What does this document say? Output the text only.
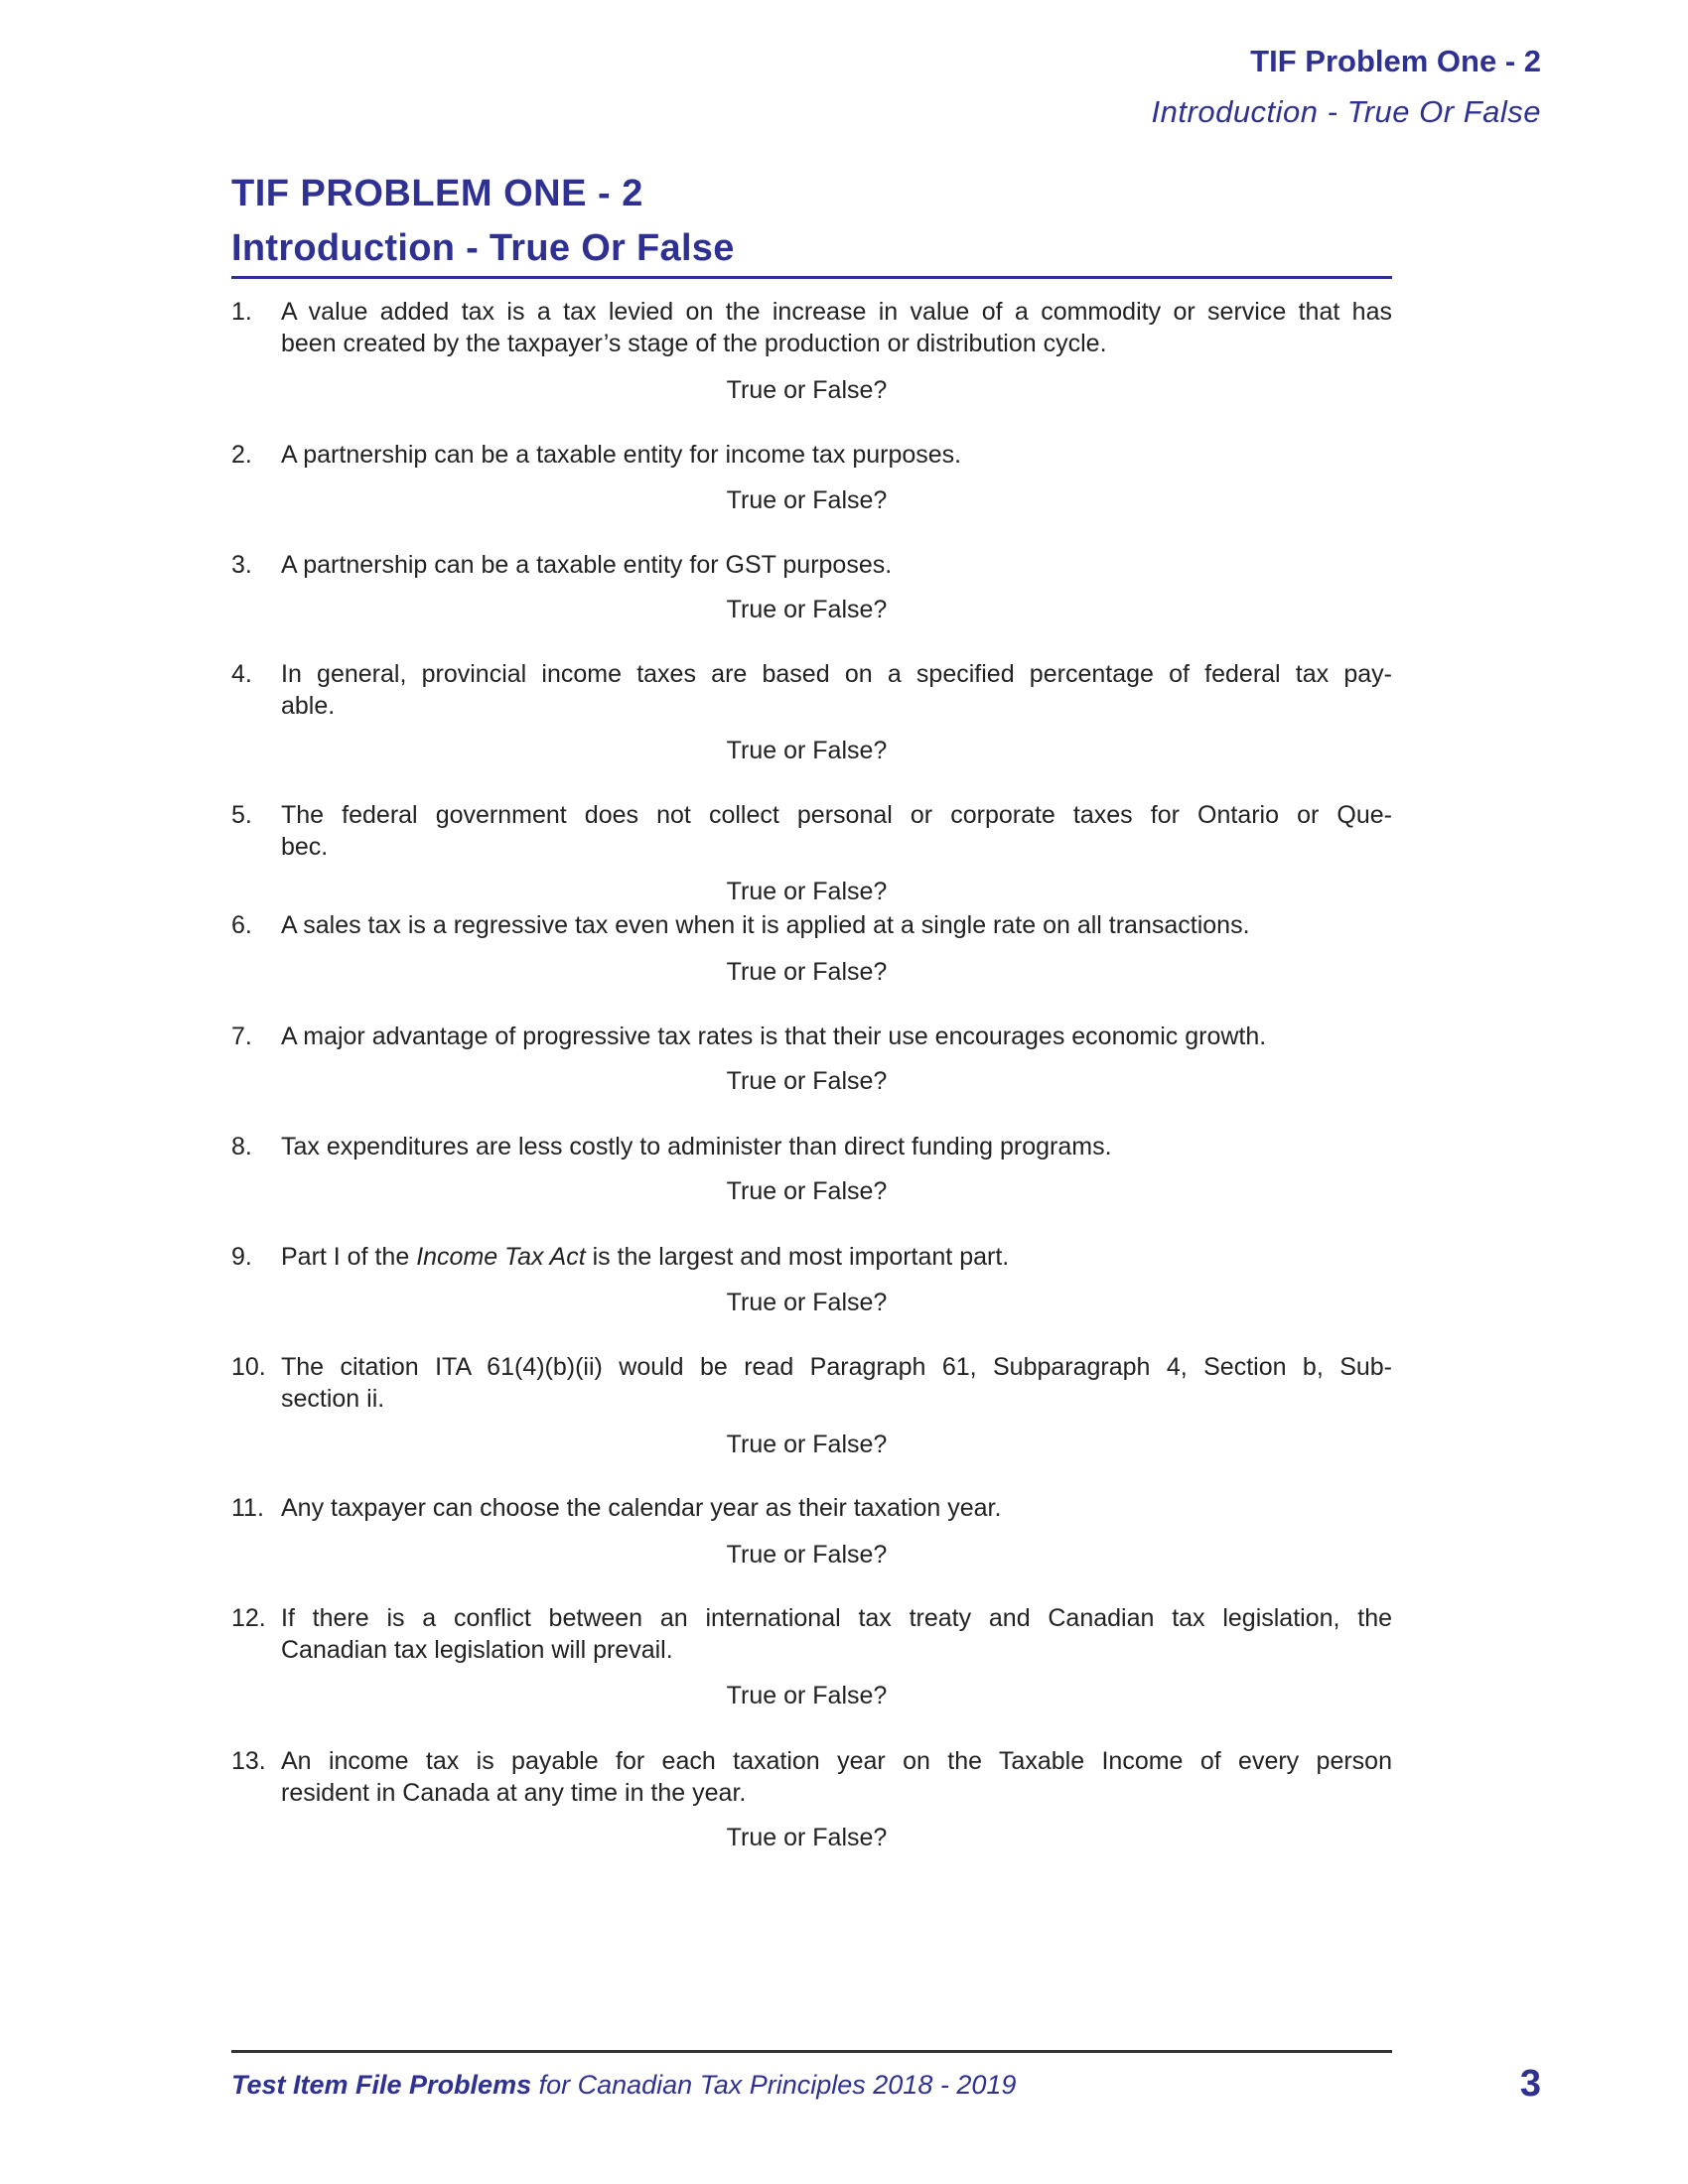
TIF Problem One - 2
Introduction - True Or False
TIF PROBLEM ONE - 2
Introduction - True Or False
1.	A value added tax is a tax levied on the increase in value of a commodity or service that has
been created by the taxpayer’s stage of the production or distribution cycle.
True or False?
2.	A partnership can be a taxable entity for income tax purposes.
True or False?
3.	A partnership can be a taxable entity for GST purposes.
True or False?
4.	In general, provincial income taxes are based on a specified percentage of federal tax pay-
able.
True or False?
5.	The federal government does not collect personal or corporate taxes for Ontario or Que-
bec.
True or False?
6.	A sales tax is a regressive tax even when it is applied at a single rate on all transactions.
True or False?
7.	A major advantage of progressive tax rates is that their use encourages economic growth.
True or False?
8.	Tax expenditures are less costly to administer than direct funding programs.
True or False?
9.	Part I of the Income Tax Act is the largest and most important part.
True or False?
10. The citation ITA 61(4)(b)(ii) would be read Paragraph 61, Subparagraph 4, Section b, Sub-
section ii.
True or False?
11. Any taxpayer can choose the calendar year as their taxation year.
True or False?
12. If there is a conflict between an international tax treaty and Canadian tax legislation, the
Canadian tax legislation will prevail.
True or False?
13. An income tax is payable for each taxation year on the Taxable Income of every person
resident in Canada at any time in the year.
True or False?
Test Item File Problems for Canadian Tax Principles 2018 - 2019	3
